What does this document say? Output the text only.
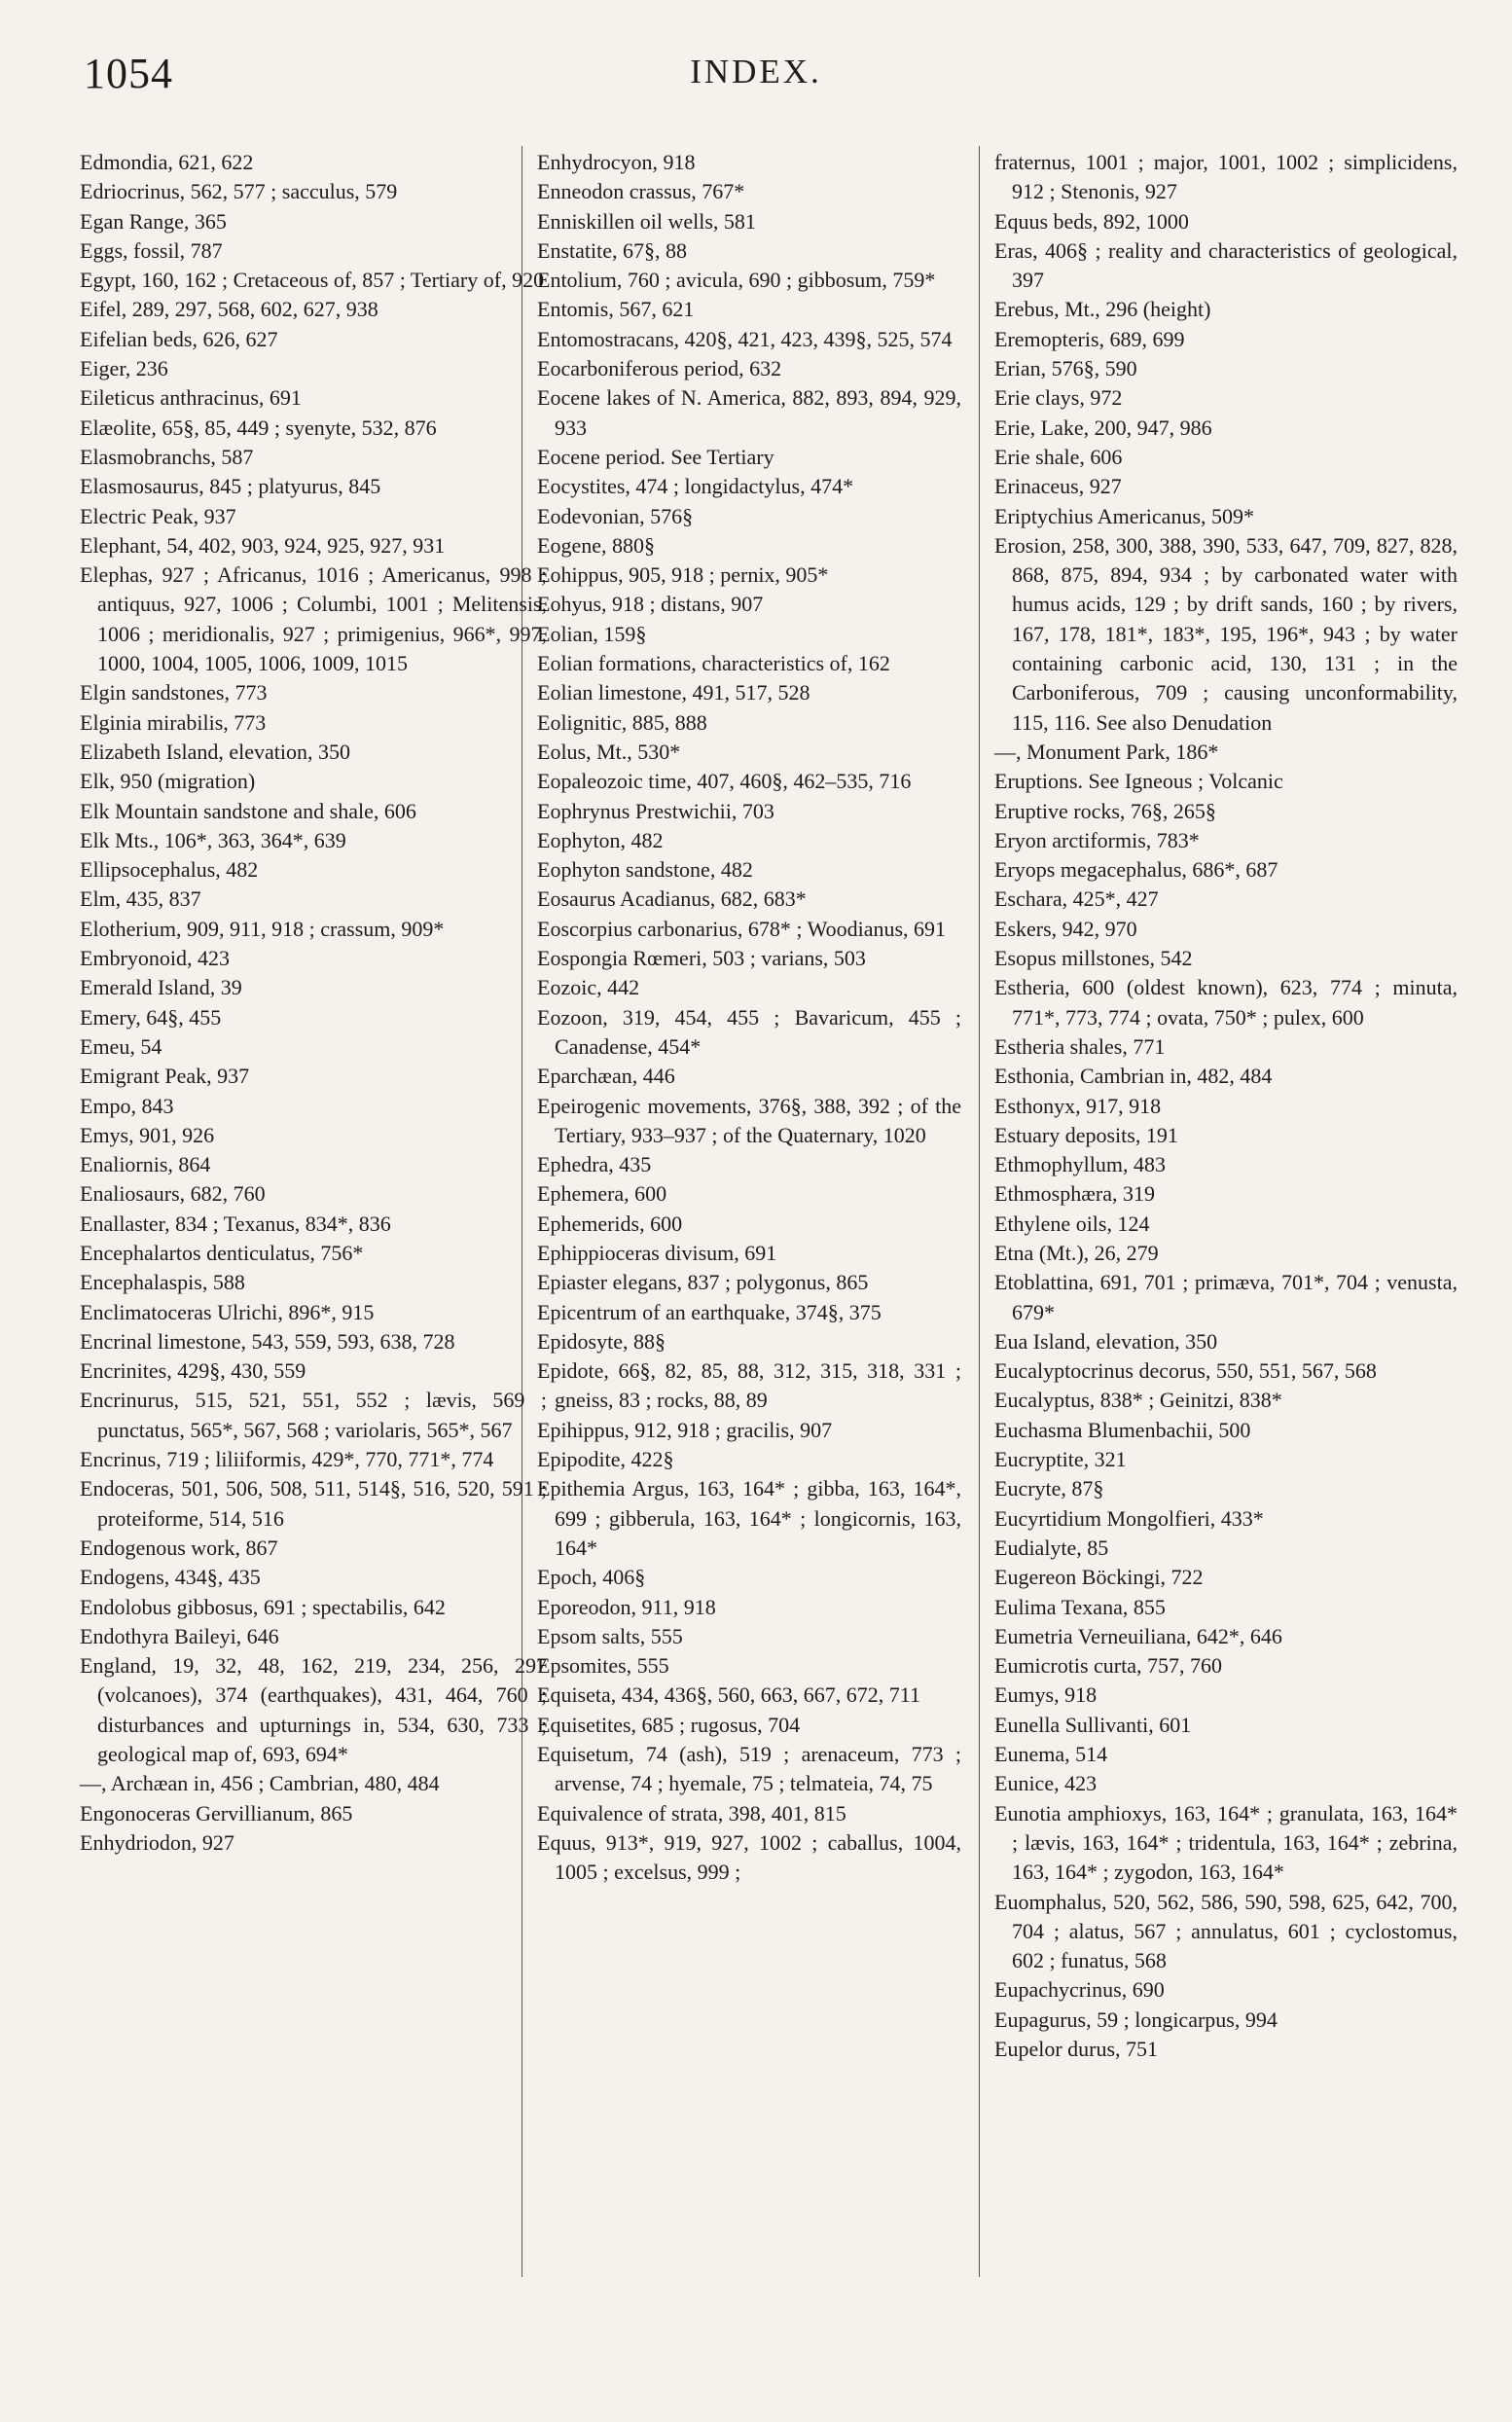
1054	INDEX.

Edmondia, 621, 622

Edriocrinus, 562, 577 ; sacculus, 579

Egan Range, 365

Eggs, fossil, 787

Egypt, 160, 162 ; Cretaceous of, 857 ; Tertiary of, 920

Eifel, 289, 297, 568, 602, 627, 938

Eifelian beds, 626, 627

Eiger, 236

Eileticus anthracinus, 691

Elæolite, 65§, 85, 449 ; syenyte, 532, 876

Elasmobranchs, 587

Elasmosaurus, 845 ; platyurus, 845

Electric Peak, 937

Elephant, 54, 402, 903, 924, 925, 927, 931

Elephas, 927 ; Africanus, 1016 ; Americanus, 998 ; antiquus, 927, 1006 ; Columbi, 1001 ; Melitensis, 1006 ; meridionalis, 927 ; primigenius, 966*, 997, 1000, 1004, 1005, 1006, 1009, 1015

Elgin sandstones, 773

Elginia mirabilis, 773

Elizabeth Island, elevation, 350

Elk, 950 (migration)

Elk Mountain sandstone and shale, 606

Elk Mts., 106*, 363, 364*, 639

Ellipsocephalus, 482

Elm, 435, 837

Elotherium, 909, 911, 918 ; crassum, 909*

Embryonoid, 423

Emerald Island, 39

Emery, 64§, 455

Emeu, 54

Emigrant Peak, 937

Empo, 843

Emys, 901, 926

Enaliornis, 864

Enaliosaurs, 682, 760

Enallaster, 834 ; Texanus, 834*, 836

Encephalartos denticulatus, 756*

Encephalaspis, 588

Enclimatoceras Ulrichi, 896*, 915

Encrinal limestone, 543, 559, 593, 638, 728

Encrinites, 429§, 430, 559

Encrinurus, 515, 521, 551, 552 ; lævis, 569 ; punctatus, 565*, 567, 568 ; variolaris, 565*, 567

Encrinus, 719 ; liliiformis, 429*, 770, 771*, 774

Endoceras, 501, 506, 508, 511, 514§, 516, 520, 591 ; proteiforme, 514, 516

Endogenous work, 867

Endogens, 434§, 435

Endolobus gibbosus, 691 ; spectabilis, 642

Endothyra Baileyi, 646

England, 19, 32, 48, 162, 219, 234, 256, 297 (volcanoes), 374 (earthquakes), 431, 464, 760 ; disturbances and upturnings in, 534, 630, 733 ; geological map of, 693, 694*

—, Archæan in, 456 ; Cambrian, 480, 484

Engonoceras Gervillianum, 865

Enhydriodon, 927

Enhydrocyon, 918

Enneodon crassus, 767*

Enniskillen oil wells, 581

Enstatite, 67§, 88

Entolium, 760 ; avicula, 690 ; gibbosum, 759*

Entomis, 567, 621

Entomostracans, 420§, 421, 423, 439§, 525, 574

Eocarboniferous period, 632

Eocene lakes of N. America, 882, 893, 894, 929, 933

Eocene period. See Tertiary

Eocystites, 474 ; longidactylus, 474*

Eodevonian, 576§

Eogene, 880§

Eohippus, 905, 918 ; pernix, 905*

Eohyus, 918 ; distans, 907

Eolian, 159§

Eolian formations, characteristics of, 162

Eolian limestone, 491, 517, 528

Eolignitic, 885, 888

Eolus, Mt., 530*

Eopaleozoic time, 407, 460§, 462–535, 716

Eophrynus Prestwichii, 703

Eophyton, 482

Eophyton sandstone, 482

Eosaurus Acadianus, 682, 683*

Eoscorpius carbonarius, 678* ; Woodianus, 691

Eospongia Rœmeri, 503 ; varians, 503

Eozoic, 442

Eozoon, 319, 454, 455 ; Bavaricum, 455 ; Canadense, 454*

Eparchæan, 446

Epeirogenic movements, 376§, 388, 392 ; of the Tertiary, 933–937 ; of the Quaternary, 1020

Ephedra, 435

Ephemera, 600

Ephemerids, 600

Ephippioceras divisum, 691

Epiaster elegans, 837 ; polygonus, 865

Epicentrum of an earthquake, 374§, 375

Epidosyte, 88§

Epidote, 66§, 82, 85, 88, 312, 315, 318, 331 ; gneiss, 83 ; rocks, 88, 89

Epihippus, 912, 918 ; gracilis, 907

Epipodite, 422§

Epithemia Argus, 163, 164* ; gibba, 163, 164*, 699 ; gibberula, 163, 164* ; longicornis, 163, 164*

Epoch, 406§

Eporeodon, 911, 918

Epsom salts, 555

Epsomites, 555

Equiseta, 434, 436§, 560, 663, 667, 672, 711

Equisetites, 685 ; rugosus, 704

Equisetum, 74 (ash), 519 ; arenaceum, 773 ; arvense, 74 ; hyemale, 75 ; telmateia, 74, 75

Equivalence of strata, 398, 401, 815

Equus, 913*, 919, 927, 1002 ; caballus, 1004, 1005 ; excelsus, 999 ;

fraternus, 1001 ; major, 1001, 1002 ; simplicidens, 912 ; Stenonis, 927

Equus beds, 892, 1000

Eras, 406§ ; reality and characteristics of geological, 397

Erebus, Mt., 296 (height)

Eremopteris, 689, 699

Erian, 576§, 590

Erie clays, 972

Erie, Lake, 200, 947, 986

Erie shale, 606

Erinaceus, 927

Eriptychius Americanus, 509*

Erosion, 258, 300, 388, 390, 533, 647, 709, 827, 828, 868, 875, 894, 934 ; by carbonated water with humus acids, 129 ; by drift sands, 160 ; by rivers, 167, 178, 181*, 183*, 195, 196*, 943 ; by water containing carbonic acid, 130, 131 ; in the Carboniferous, 709 ; causing unconformability, 115, 116. See also Denudation

—, Monument Park, 186*

Eruptions. See Igneous ; Volcanic

Eruptive rocks, 76§, 265§

Eryon arctiformis, 783*

Eryops megacephalus, 686*, 687

Eschara, 425*, 427

Eskers, 942, 970

Esopus millstones, 542

Estheria, 600 (oldest known), 623, 774 ; minuta, 771*, 773, 774 ; ovata, 750* ; pulex, 600

Estheria shales, 771

Esthonia, Cambrian in, 482, 484

Esthonyx, 917, 918

Estuary deposits, 191

Ethmophyllum, 483

Ethmosphæra, 319

Ethylene oils, 124

Etna (Mt.), 26, 279

Etoblattina, 691, 701 ; primæva, 701*, 704 ; venusta, 679*

Eua Island, elevation, 350

Eucalyptocrinus decorus, 550, 551, 567, 568

Eucalyptus, 838* ; Geinitzi, 838*

Euchasma Blumenbachii, 500

Eucryptite, 321

Eucryte, 87§

Eucyrtidium Mongolfieri, 433*

Eudialyte, 85

Eugereon Böckingi, 722

Eulima Texana, 855

Eumetria Verneuiliana, 642*, 646

Eumicrotis curta, 757, 760

Eumys, 918

Eunella Sullivanti, 601

Eunema, 514

Eunice, 423

Eunotia amphioxys, 163, 164* ; granulata, 163, 164* ; lævis, 163, 164* ; tridentula, 163, 164* ; zebrina, 163, 164* ; zygodon, 163, 164*

Euomphalus, 520, 562, 586, 590, 598, 625, 642, 700, 704 ; alatus, 567 ; annulatus, 601 ; cyclostomus, 602 ; funatus, 568

Eupachycrinus, 690

Eupagurus, 59 ; longicarpus, 994

Eupelor durus, 751
